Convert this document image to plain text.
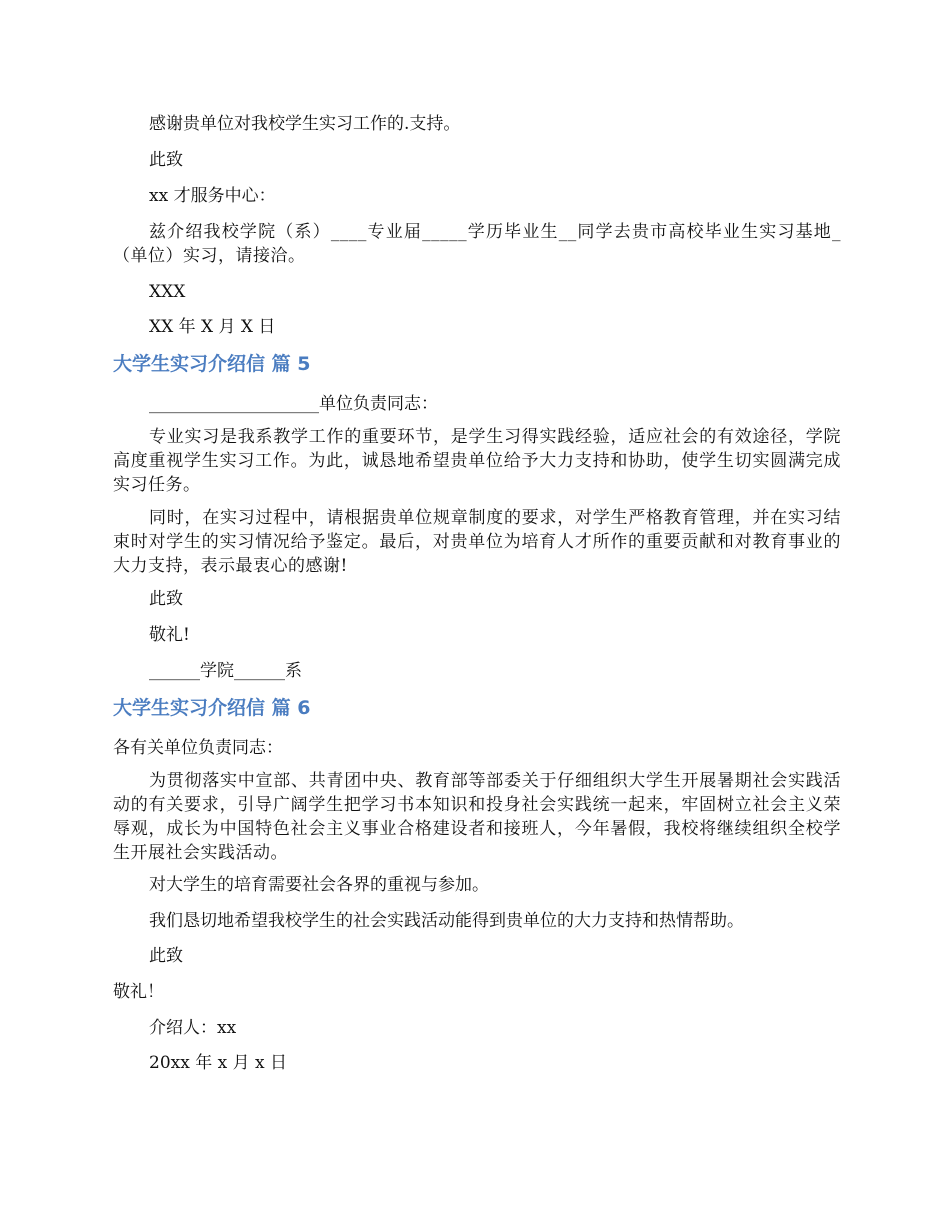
感谢贵单位对我校学生实习工作的.支持。

此致

xx 才服务中心：

兹介绍我校学院（系）____专业届_____学历毕业生__同学去贵市高校毕业生实习基地_（单位）实习，请接洽。

XXX

XX 年 X 月 X 日

大学生实习介绍信 篇 5

____________________单位负责同志：

专业实习是我系教学工作的重要环节，是学生习得实践经验，适应社会的有效途径，学院高度重视学生实习工作。为此，诚恳地希望贵单位给予大力支持和协助，使学生切实圆满完成实习任务。

同时，在实习过程中，请根据贵单位规章制度的要求，对学生严格教育管理，并在实习结束时对学生的实习情况给予鉴定。最后，对贵单位为培育人才所作的重要贡献和对教育事业的大力支持，表示最衷心的感谢!

此致

敬礼!

______学院______系

大学生实习介绍信 篇 6

各有关单位负责同志：

为贯彻落实中宣部、共青团中央、教育部等部委关于仔细组织大学生开展暑期社会实践活动的有关要求，引导广阔学生把学习书本知识和投身社会实践统一起来，牢固树立社会主义荣辱观，成长为中国特色社会主义事业合格建设者和接班人，今年暑假，我校将继续组织全校学生开展社会实践活动。

对大学生的培育需要社会各界的重视与参加。

我们恳切地希望我校学生的社会实践活动能得到贵单位的大力支持和热情帮助。

此致

敬礼！

介绍人：xx

20xx 年 x 月 x 日
